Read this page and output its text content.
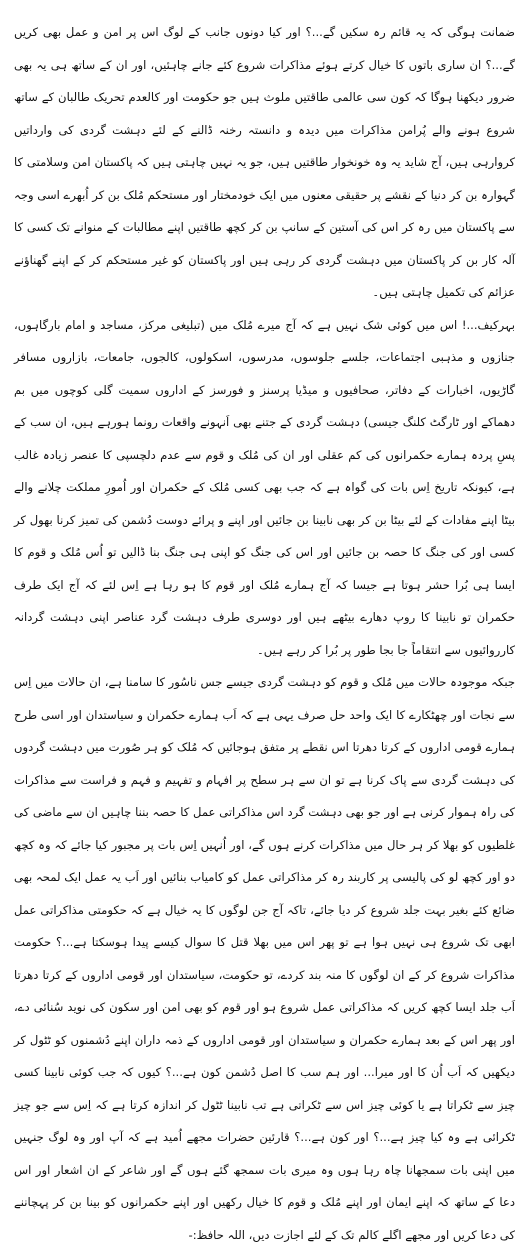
ضمانت ہوگی کہ یہ قائم رہ سکیں گے...؟ اور کیا دونوں جانب کے لوگ اس پر امن و عمل بھی کریں گے...؟ ان ساری باتوں کا خیال کرتے ہوئے مذاکرات شروع کئے جانے چاہئیں، اور ان کے ساتھ ہی یہ بھی ضرور دیکھنا ہوگا کہ کون سی عالمی طاقتیں ملوث ہیں جو حکومت اور کالعدم تحریک طالبان کے ساتھ شروع ہونے والے پُرامن مذاکرات میں دیدہ و دانستہ رخنہ ڈالنے کے لئے دہشت گردی کی وارداتیں کروارہی ہیں، آج شاید یہ وہ خونخوار طاقتیں ہیں، جو یہ نہیں چاہتی ہیں کہ پاکستان امن وسلامتی کا گہوارہ بن کر دنیا کے نقشے پر حقیقی معنوں میں ایک خودمختار اور مستحکم مُلک بن کر اُبھرے اسی وجہ سے پاکستان میں رہ کر اس کی آستین کے سانپ بن کر کچھ طاقتیں اپنے مطالبات کے منوانے تک کسی کا آلہ کار بن کر پاکستان میں دہشت گردی کر رہی ہیں اور پاکستان کو غیر مستحکم کر کے اپنے گھناؤنے عزائم کی تکمیل چاہتی ہیں۔

بہرکیف...! اس میں کوئی شک نہیں ہے کہ آج میرے مُلک میں (تبلیغی مرکز، مساجد و امام بارگاہوں، جنازوں و مذہبی اجتماعات، جلسے جلوسوں، مدرسوں، اسکولوں، کالجوں، جامعات، بازاروں مسافر گاڑیوں، اخبارات کے دفاتر، صحافیوں و میڈیا پرسنز و فورسز کے اداروں سمیت گلی کوچوں میں بم دھماکے اور ٹارگٹ کلنگ جیسی) دہشت گردی کے جتنے بھی اَنہونے واقعات رونما ہورہے ہیں، ان سب کے پسِ پردہ ہمارے حکمرانوں کی کم عقلی اور ان کی مُلک و قوم سے عدم دلچسپی کا عنصر زیادہ غالب ہے، کیونکہ تاریخ اِس بات کی گواہ ہے کہ جب بھی کسی مُلک کے حکمران اور اُمورِ مملکت چلانے والے بیٹا اپنے مفادات کے لئے بیٹا بن کر بھی نابینا بن جائیں اور اپنے و پرائے دوست دُشمن کی تمیز کرنا بھول کر کسی اور کی جنگ کا حصہ بن جائیں اور اس کی جنگ کو اپنی ہی جنگ بنا ڈالیں تو اُس مُلک و قوم کا ایسا ہی بُرا حشر ہوتا ہے جیسا کہ آج ہمارے مُلک اور قوم کا ہو رہا ہے اِس لئے کہ آج ایک طرف حکمران تو نابینا کا روپ دھارے بیٹھے ہیں اور دوسری طرف دہشت گرد عناصر اپنی دہشت گردانہ کارروائیوں سے انتقاماً جا بجا طور پر بُرا کر رہے ہیں۔

جبکہ موجودہ حالات میں مُلک و قوم کو دہشت گردی جیسے جس ناسُور کا سامنا ہے، ان حالات میں اِس سے نجات اور چھٹکارے کا ایک واحد حل صرف یہی ہے کہ اَب ہمارے حکمران و سیاستدان اور اسی طرح ہمارے قومی اداروں کے کرتا دھرتا اس نقطے پر متفق ہوجائیں کہ مُلک کو ہر صُورت میں دہشت گردوں کی دہشت گردی سے پاک کرنا ہے تو ان سے ہر سطح پر افہام و تفہیم و فہم و فراست سے مذاکرات کی راہ ہموار کرنی ہے اور جو بھی دہشت گرد اس مذاکراتی عمل کا حصہ بننا چاہیں ان سے ماضی کی غلطیوں کو بھلا کر ہر حال میں مذاکرات کرنے ہوں گے، اور اُنہیں اِس بات پر مجبور کیا جائے کہ وہ کچھ دو اور کچھ لو کی پالیسی پر کاربند رہ کر مذاکراتی عمل کو کامیاب بنائیں اور اَب یہ عمل ایک لمحہ بھی ضائع کئے بغیر بہت جلد شروع کر دیا جائے، تاکہ آج جن لوگوں کا یہ خیال ہے کہ حکومتی مذاکراتی عمل ابھی تک شروع ہی نہیں ہوا ہے تو پھر اس میں بھلا قتل کا سوال کیسے پیدا ہوسکتا ہے...؟ حکومت مذاکرات شروع کر کے ان لوگوں کا منہ بند کردے، تو حکومت، سیاستدان اور قومی اداروں کے کرتا دھرتا اَب جلد ایسا کچھ کریں کہ مذاکراتی عمل شروع ہو اور قوم کو بھی امن اور سکون کی نوید سُنائی دے، اور پھر اس کے بعد ہمارے حکمران و سیاستدان اور قومی اداروں کے ذمہ داران اپنے دُشمنوں کو ٹٹول کر دیکھیں کہ اَب اُن کا اور میرا... اور ہم سب کا اصل دُشمن کون ہے...؟ کیوں کہ جب کوئی نابینا کسی چیز سے ٹکراتا ہے یا کوئی چیز اس سے ٹکراتی ہے تب نابینا ٹٹول کر اندازہ کرتا ہے کہ اِس سے جو چیز ٹکرائی ہے وہ کیا چیز ہے...؟ اور کون ہے...؟ قارئین حضرات مجھے اُمید ہے کہ آپ اور وہ لوگ جنہیں میں اپنی بات سمجھانا چاہ رہا ہوں وہ میری بات سمجھ گئے ہوں گے اور شاعر کے ان اشعار اور اس دعا کے ساتھ کہ اپنے ایمان اور اپنے مُلک و قوم کا خیال رکھیں اور اپنے حکمرانوں کو بینا بن کر پہچاننے کی دعا کریں اور مجھے اگلے کالم تک کے لئے اجازت دیں، اللہ حافظ:-
